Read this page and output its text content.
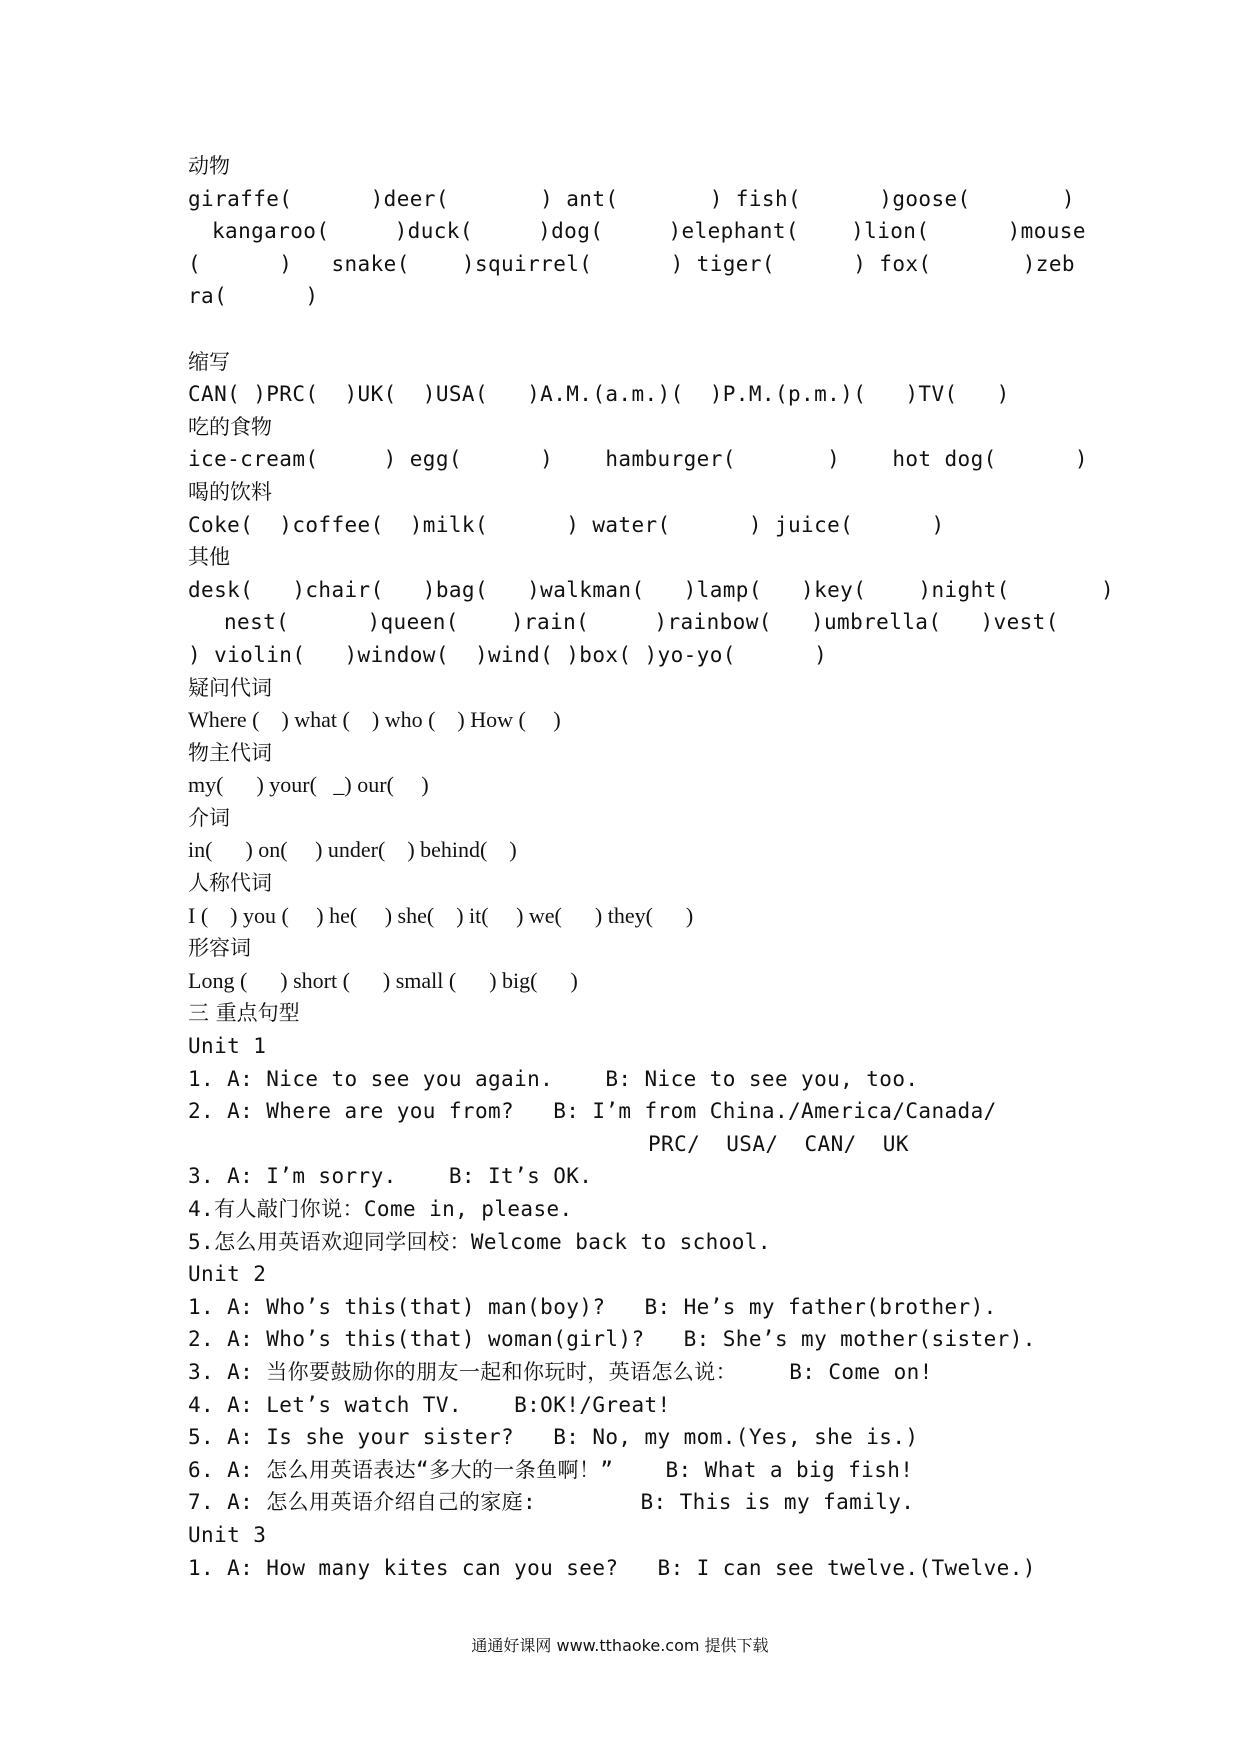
动物
giraffe(      )deer(       ) ant(       ) fish(      )goose(       )
kangaroo(     )duck(     )dog(     )elephant(    )lion(      )mouse
(      )   snake(    )squirrel(      ) tiger(      ) fox(       )zeb
ra(      )
缩写
CAN( )PRC(  )UK(  )USA(   )A.M.(a.m.)(  )P.M.(p.m.)(   )TV(   )
吃的食物
ice-cream(     ) egg(      )    hamburger(       )    hot dog(      )
喝的饮料
Coke(  )coffee(  )milk(      ) water(      ) juice(      )
其他
desk(   )chair(   )bag(   )walkman(   )lamp(   )key(    )night(       )
nest(      )queen(    )rain(     )rainbow(   )umbrella(   )vest(
) violin(   )window(  )wind( )box( )yo-yo(      )
疑问代词
Where (    ) what (    ) who (    ) How (     )
物主代词
my(      ) your(   _) our(     )
介词
in(      ) on(     ) under(    ) behind(    )
人称代词
I (    ) you (     ) he(     ) she(    ) it(     ) we(      ) they(      )
形容词
Long (      ) short (      ) small (      ) big(      )
三 重点句型
Unit 1
1. A: Nice to see you again.    B: Nice to see you, too.
2. A: Where are you from?   B: I’m from China./America/Canada/
PRC/  USA/  CAN/  UK
3. A: I’m sorry.    B: It’s OK.
4.有人敲门你说：Come in, please.
5.怎么用英语欢迎同学回校：Welcome back to school.
Unit 2
1. A: Who’s this(that) man(boy)?   B: He’s my father(brother).
2. A: Who’s this(that) woman(girl)?   B: She’s my mother(sister).
3. A: 当你要鼓励你的朋友一起和你玩时，英语怎么说：    B: Come on!
4. A: Let’s watch TV.    B:OK!/Great!
5. A: Is she your sister?   B: No, my mom.(Yes, she is.)
6. A: 怎么用英语表达“多大的一条鱼啊！”    B: What a big fish!
7. A: 怎么用英语介绍自己的家庭:        B: This is my family.
Unit 3
1. A: How many kites can you see?   B: I can see twelve.(Twelve.)
通通好课网 www.tthaoke.com 提供下载
